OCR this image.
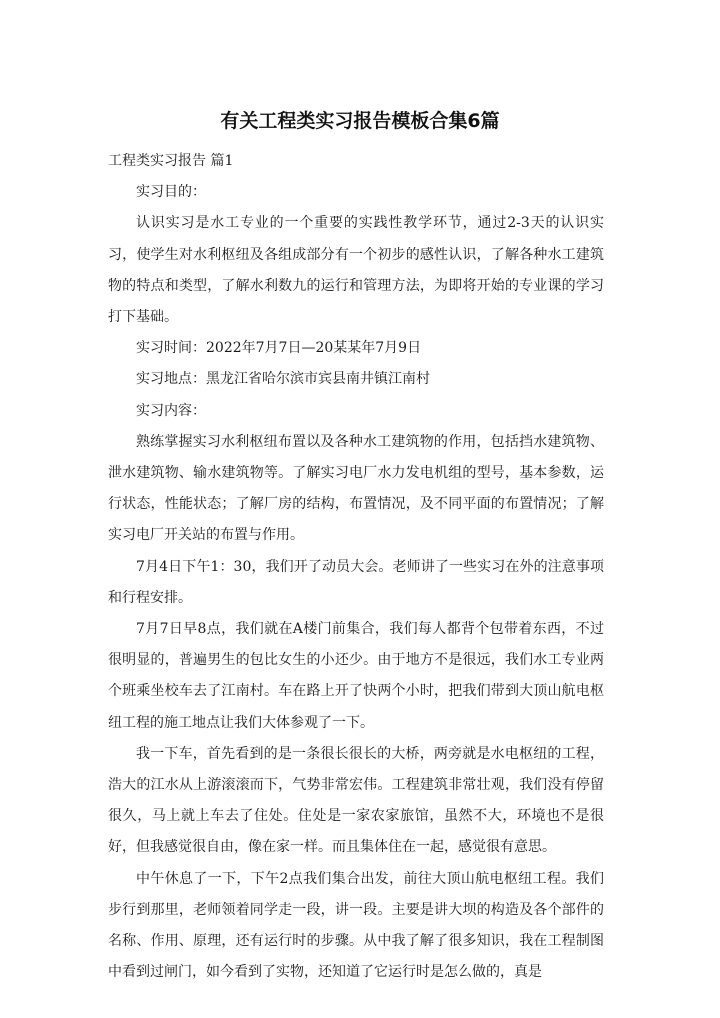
有关工程类实习报告模板合集6篇

工程类实习报告 篇1

实习目的：

认识实习是水工专业的一个重要的实践性教学环节，通过2-3天的认识实习，使学生对水利枢纽及各组成部分有一个初步的感性认识，了解各种水工建筑物的特点和类型，了解水利数九的运行和管理方法，为即将开始的专业课的学习打下基础。

实习时间：2022年7月7日—20某某年7月9日

实习地点：黑龙江省哈尔滨市宾县南井镇江南村

实习内容：

熟练掌握实习水利枢纽布置以及各种水工建筑物的作用，包括挡水建筑物、泄水建筑物、输水建筑物等。了解实习电厂水力发电机组的型号，基本参数，运行状态，性能状态；了解厂房的结构，布置情况，及不同平面的布置情况；了解实习电厂开关站的布置与作用。

7月4日下午1：30，我们开了动员大会。老师讲了一些实习在外的注意事项和行程安排。

7月7日早8点，我们就在A楼门前集合，我们每人都背个包带着东西，不过很明显的，普遍男生的包比女生的小还少。由于地方不是很远，我们水工专业两个班乘坐校车去了江南村。车在路上开了快两个小时，把我们带到大顶山航电枢纽工程的施工地点让我们大体参观了一下。

我一下车，首先看到的是一条很长很长的大桥，两旁就是水电枢纽的工程，浩大的江水从上游滚滚而下，气势非常宏伟。工程建筑非常壮观，我们没有停留很久，马上就上车去了住处。住处是一家农家旅馆，虽然不大，环境也不是很好，但我感觉很自由，像在家一样。而且集体住在一起，感觉很有意思。

中午休息了一下，下午2点我们集合出发，前往大顶山航电枢纽工程。我们步行到那里，老师领着同学走一段，讲一段。主要是讲大坝的构造及各个部件的名称、作用、原理，还有运行时的步骤。从中我了解了很多知识，我在工程制图中看到过闸门，如今看到了实物，还知道了它运行时是怎么做的，真是
